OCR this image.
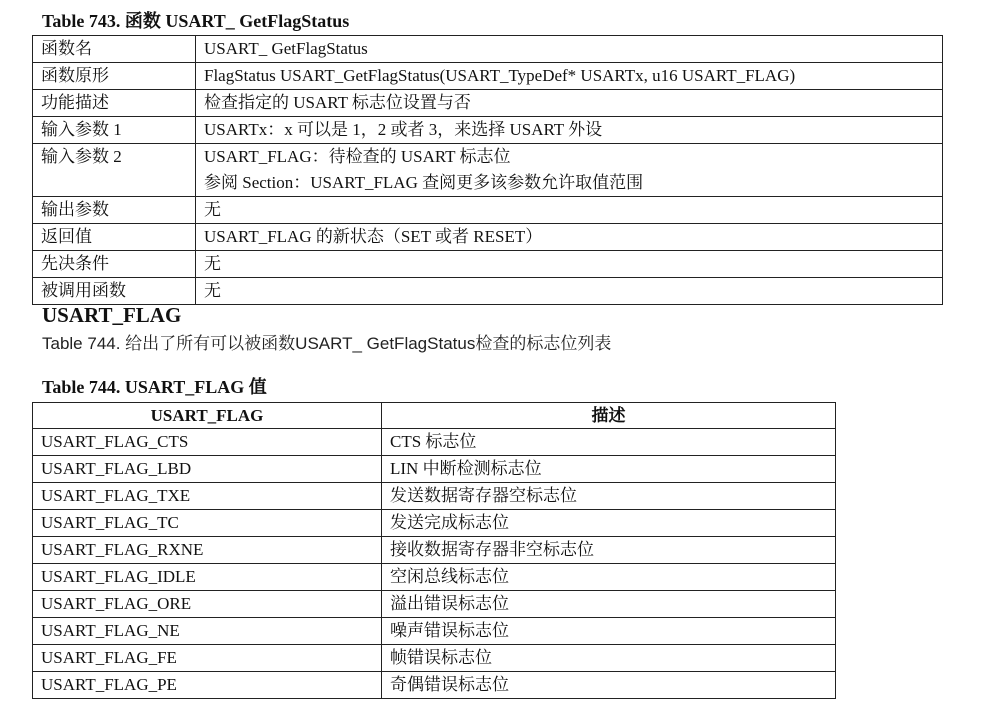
Table 743. 函数 USART_ GetFlagStatus
函数名	USART_ GetFlagStatus

函数原形	FlagStatus USART_GetFlagStatus(USART_TypeDef* USARTx, u16 USART_FLAG)

功能描述	检查指定的 USART 标志位设置与否

输入参数 1	USARTx：x 可以是 1，2 或者 3，来选择 USART 外设

输入参数 2	USART_FLAG：待检查的 USART 标志位
参阅 Section：USART_FLAG 查阅更多该参数允许取值范围

输出参数	无

返回值	USART_FLAG 的新状态（SET 或者 RESET）

先决条件	无

被调用函数	无
USART_FLAG
Table 744. 给出了所有可以被函数USART_ GetFlagStatus检查的标志位列表
Table 744. USART_FLAG 值
USART_FLAG	描述
USART_FLAG_CTS	CTS 标志位
USART_FLAG_LBD	LIN 中断检测标志位
USART_FLAG_TXE	发送数据寄存器空标志位
USART_FLAG_TC	发送完成标志位
USART_FLAG_RXNE	接收数据寄存器非空标志位
USART_FLAG_IDLE	空闲总线标志位
USART_FLAG_ORE	溢出错误标志位
USART_FLAG_NE	噪声错误标志位
USART_FLAG_FE	帧错误标志位
USART_FLAG_PE	奇偶错误标志位
